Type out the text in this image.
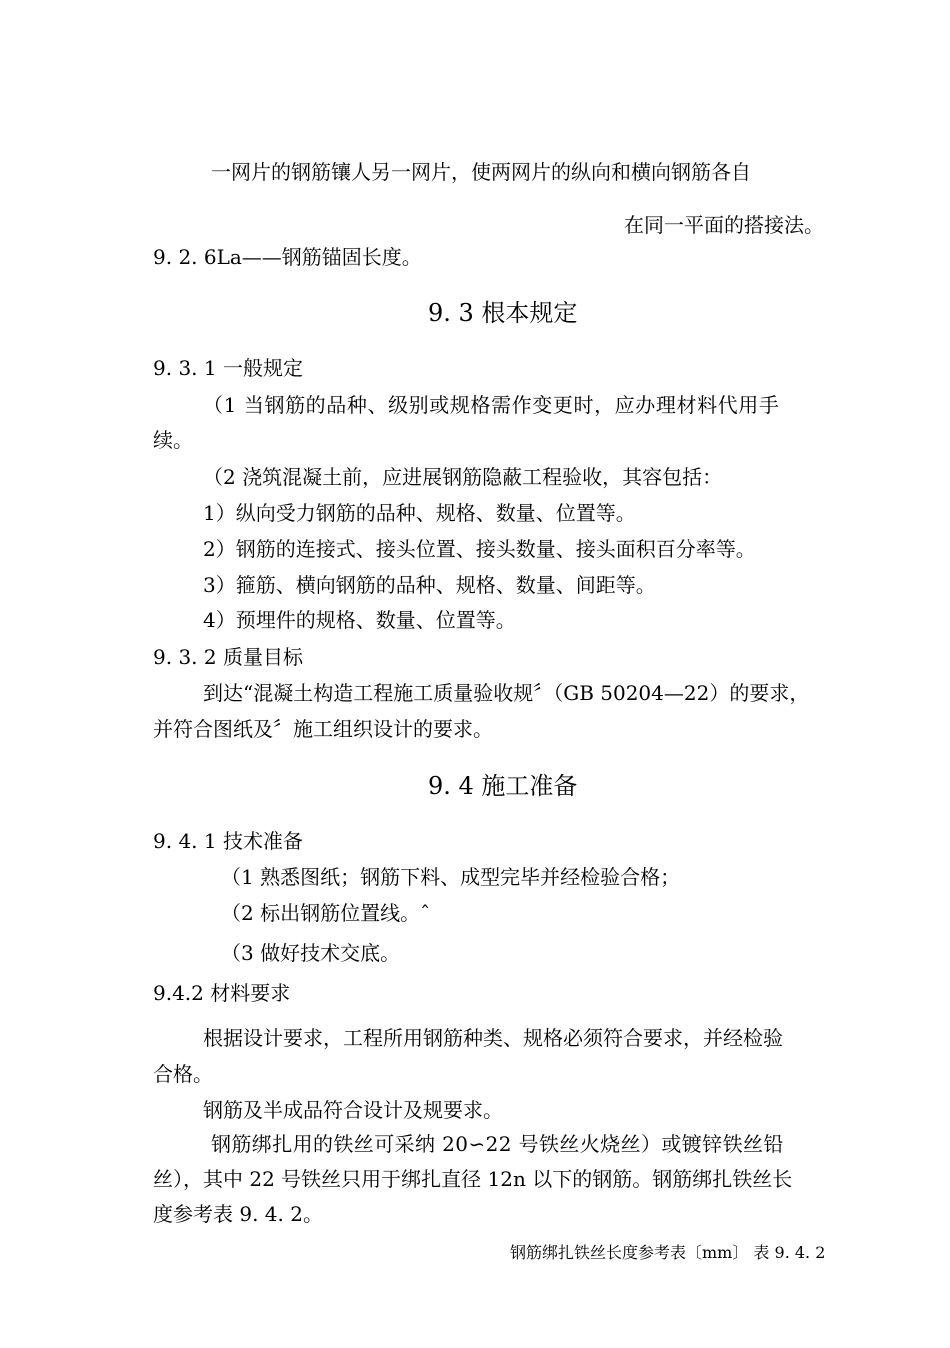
一网片的钢筋镶人另一网片，使两网片的纵向和横向钢筋各自
在同一平面的搭接法。
9. 2. 6La——钢筋锚固长度。
9. 3 根本规定
9. 3. 1 一般规定
（1 当钢筋的品种、级别或规格需作变更时，应办理材料代用手
续。
（2 浇筑混凝土前，应进展钢筋隐蔽工程验收，其容包括：
1）纵向受力钢筋的品种、规格、数量、位置等。
2）钢筋的连接式、接头位置、接头数量、接头面积百分率等。
3）箍筋、横向钢筋的品种、规格、数量、间距等。
4）预埋件的规格、数量、位置等。
9. 3. 2 质量目标
到达“混凝土构造工程施工质量验收规〞（GB 50204—22）的要求，
并符合图纸及〞施工组织设计的要求。
9. 4 施工准备
9. 4. 1 技术准备
（1 熟悉图纸；钢筋下料、成型完毕并经检验合格；
（2 标出钢筋位置线。ˆ
（3 做好技术交底。
9.4.2 材料要求
根据设计要求，工程所用钢筋种类、规格必须符合要求，并经检验
合格。
钢筋及半成品符合设计及规要求。
钢筋绑扎用的铁丝可采纳 20∽22 号铁丝火烧丝）或镀锌铁丝铅
丝），其中 22 号铁丝只用于绑扎直径 12n 以下的钢筋。钢筋绑扎铁丝长
度参考表 9. 4. 2。
钢筋绑扎铁丝长度参考表〔mm〕 表 9. 4. 2
